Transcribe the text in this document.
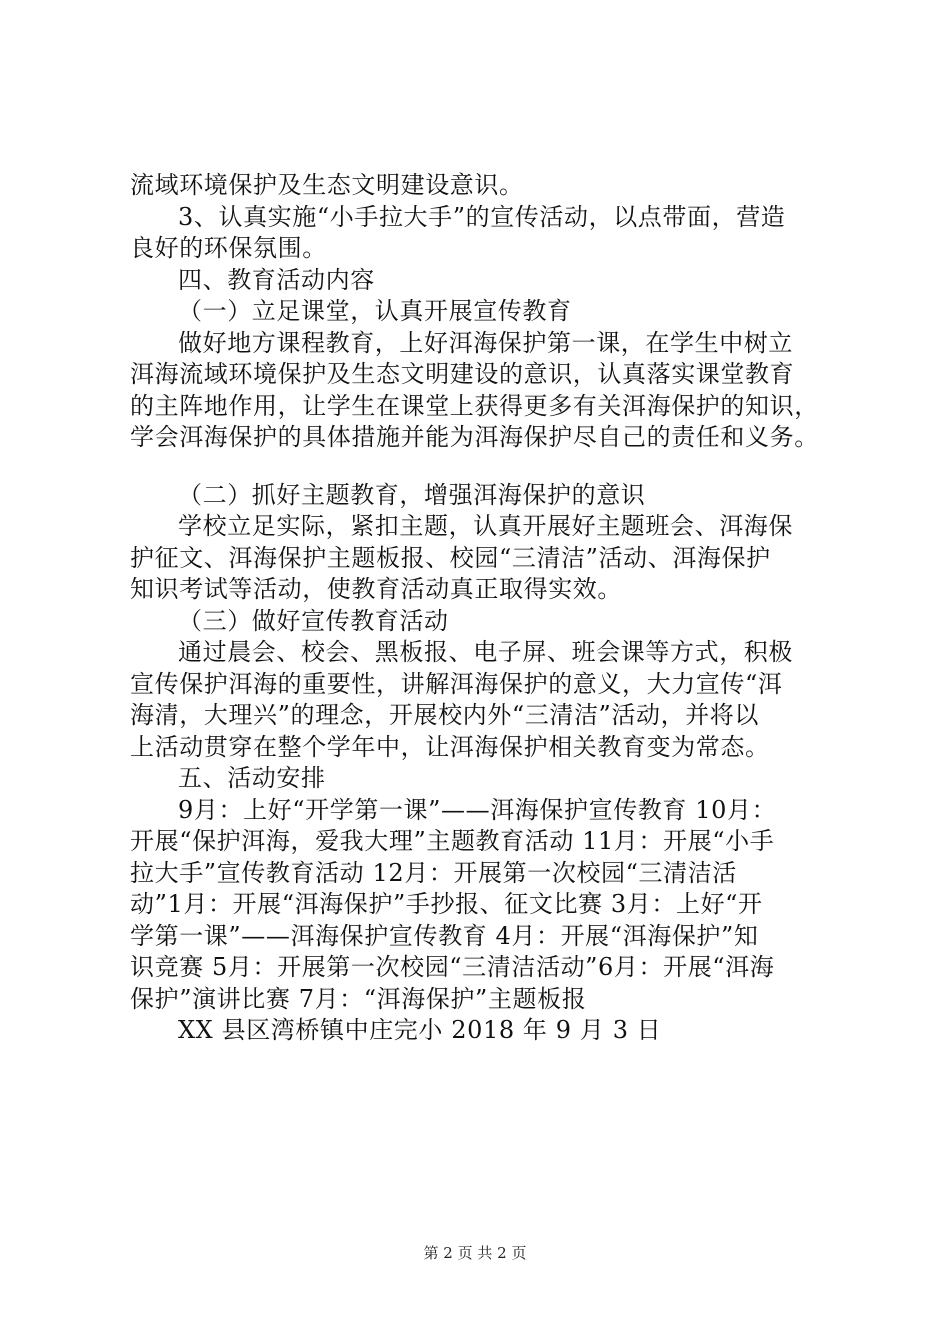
流域环境保护及生态文明建设意识。
3、认真实施“小手拉大手”的宣传活动，以点带面，营造
良好的环保氛围。
四、教育活动内容
（一）立足课堂，认真开展宣传教育
做好地方课程教育，上好洱海保护第一课，在学生中树立
洱海流域环境保护及生态文明建设的意识，认真落实课堂教育
的主阵地作用，让学生在课堂上获得更多有关洱海保护的知识，
学会洱海保护的具体措施并能为洱海保护尽自己的责任和义务。
（二）抓好主题教育，增强洱海保护的意识
学校立足实际，紧扣主题，认真开展好主题班会、洱海保
护征文、洱海保护主题板报、校园“三清洁”活动、洱海保护
知识考试等活动，使教育活动真正取得实效。
（三）做好宣传教育活动
通过晨会、校会、黑板报、电子屏、班会课等方式，积极
宣传保护洱海的重要性，讲解洱海保护的意义，大力宣传“洱
海清，大理兴”的理念，开展校内外“三清洁”活动，并将以
上活动贯穿在整个学年中，让洱海保护相关教育变为常态。
五、活动安排
9月：上好“开学第一课”——洱海保护宣传教育 10月：
开展“保护洱海，爱我大理”主题教育活动 11月：开展“小手
拉大手”宣传教育活动 12月：开展第一次校园“三清洁活
动”1月：开展“洱海保护”手抄报、征文比赛 3月：上好“开
学第一课”——洱海保护宣传教育 4月：开展“洱海保护”知
识竞赛 5月：开展第一次校园“三清洁活动”6月：开展“洱海
保护”演讲比赛 7月：“洱海保护”主题板报
XX 县区湾桥镇中庄完小 2018 年 9 月 3 日
第 2 页 共 2 页
